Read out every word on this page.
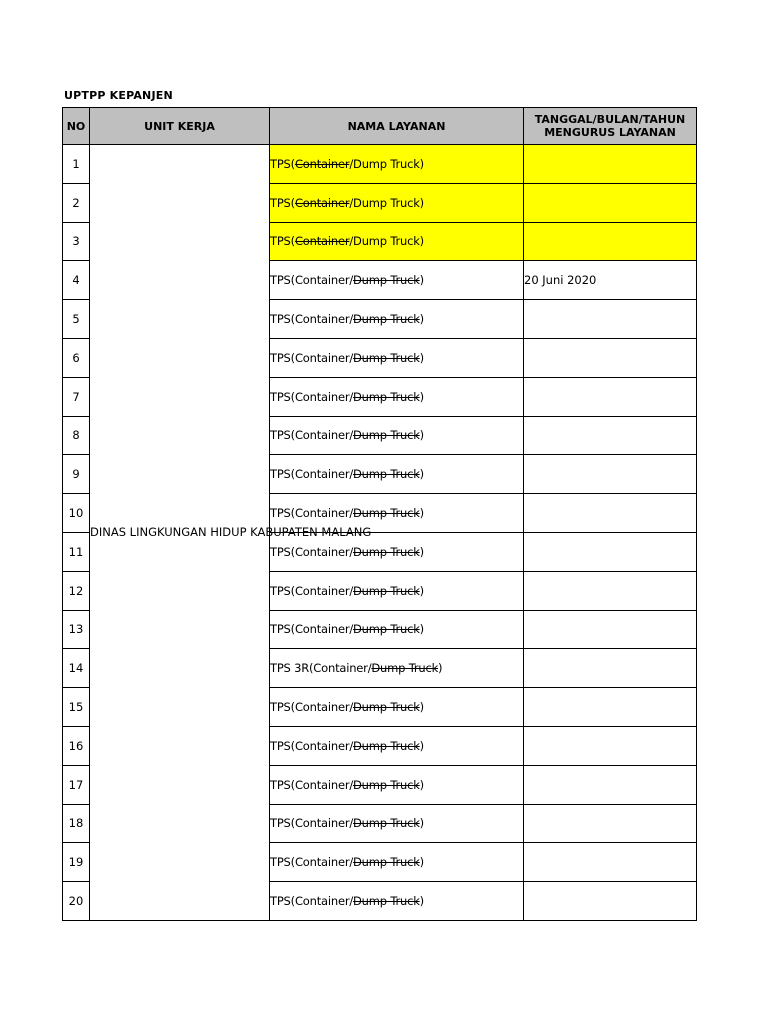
UPTPP KEPANJEN
NO	UNIT KERJA	NAMA LAYANAN	TANGGAL/BULAN/TAHUN MENGURUS LAYANAN
1	DINAS LINGKUNGAN HIDUP KABUPATEN MALANG	TPS(Container/Dump Truck)	
2		TPS(Container/Dump Truck)	
3		TPS(Container/Dump Truck)	
4		TPS(Container/Dump Truck)	20 Juni 2020
5		TPS(Container/Dump Truck)	
6		TPS(Container/Dump Truck)	
7		TPS(Container/Dump Truck)	
8		TPS(Container/Dump Truck)	
9		TPS(Container/Dump Truck)	
10		TPS(Container/Dump Truck)	
11		TPS(Container/Dump Truck)	
12		TPS(Container/Dump Truck)	
13		TPS(Container/Dump Truck)	
14		TPS 3R(Container/Dump Truck)	
15		TPS(Container/Dump Truck)	
16		TPS(Container/Dump Truck)	
17		TPS(Container/Dump Truck)	
18		TPS(Container/Dump Truck)	
19		TPS(Container/Dump Truck)	
20		TPS(Container/Dump Truck)	
